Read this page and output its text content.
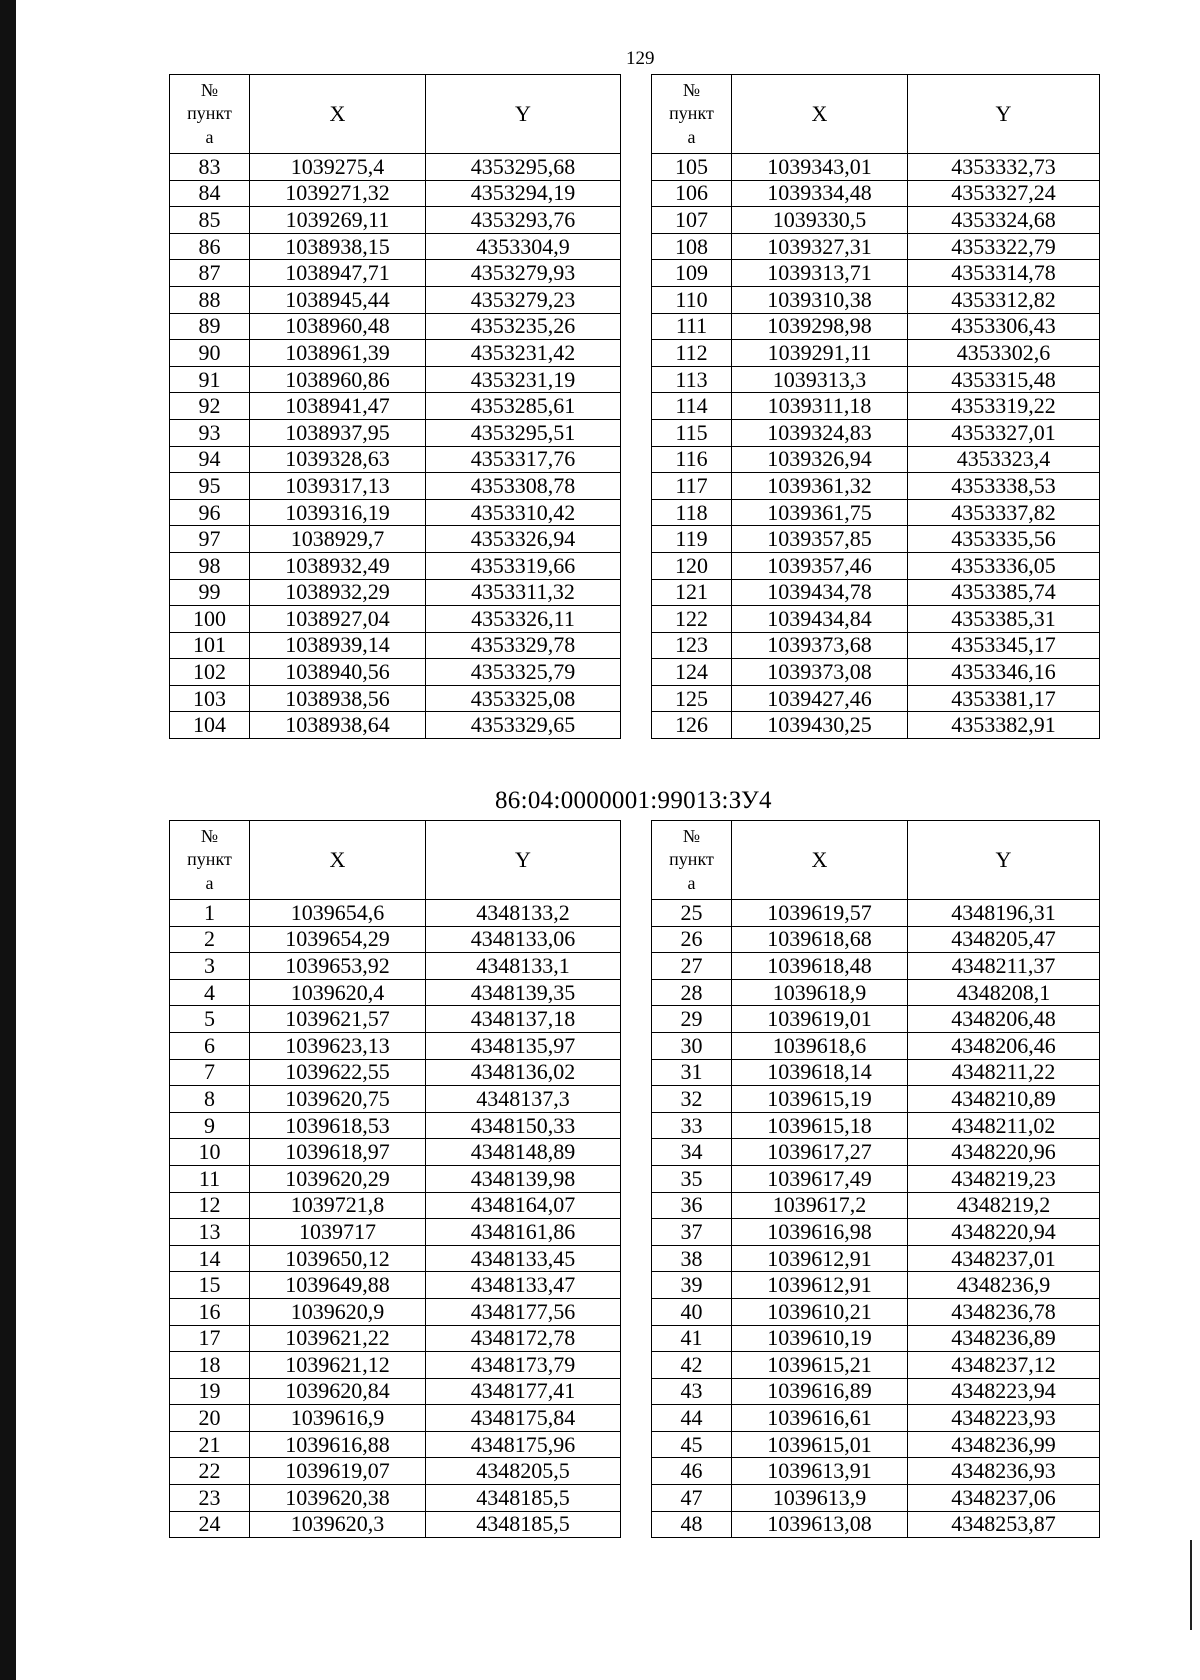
129
86:04:0000001:99013:ЗУ4
№
пункт
а	X	Y
83	1039275,4	4353295,68
84	1039271,32	4353294,19
85	1039269,11	4353293,76
86	1038938,15	4353304,9
87	1038947,71	4353279,93
88	1038945,44	4353279,23
89	1038960,48	4353235,26
90	1038961,39	4353231,42
91	1038960,86	4353231,19
92	1038941,47	4353285,61
93	1038937,95	4353295,51
94	1039328,63	4353317,76
95	1039317,13	4353308,78
96	1039316,19	4353310,42
97	1038929,7	4353326,94
98	1038932,49	4353319,66
99	1038932,29	4353311,32
100	1038927,04	4353326,11
101	1038939,14	4353329,78
102	1038940,56	4353325,79
103	1038938,56	4353325,08
104	1038938,64	4353329,65
№
пункт
а	X	Y
105	1039343,01	4353332,73
106	1039334,48	4353327,24
107	1039330,5	4353324,68
108	1039327,31	4353322,79
109	1039313,71	4353314,78
110	1039310,38	4353312,82
111	1039298,98	4353306,43
112	1039291,11	4353302,6
113	1039313,3	4353315,48
114	1039311,18	4353319,22
115	1039324,83	4353327,01
116	1039326,94	4353323,4
117	1039361,32	4353338,53
118	1039361,75	4353337,82
119	1039357,85	4353335,56
120	1039357,46	4353336,05
121	1039434,78	4353385,74
122	1039434,84	4353385,31
123	1039373,68	4353345,17
124	1039373,08	4353346,16
125	1039427,46	4353381,17
126	1039430,25	4353382,91
№
пункт
а	X	Y
1	1039654,6	4348133,2
2	1039654,29	4348133,06
3	1039653,92	4348133,1
4	1039620,4	4348139,35
5	1039621,57	4348137,18
6	1039623,13	4348135,97
7	1039622,55	4348136,02
8	1039620,75	4348137,3
9	1039618,53	4348150,33
10	1039618,97	4348148,89
11	1039620,29	4348139,98
12	1039721,8	4348164,07
13	1039717	4348161,86
14	1039650,12	4348133,45
15	1039649,88	4348133,47
16	1039620,9	4348177,56
17	1039621,22	4348172,78
18	1039621,12	4348173,79
19	1039620,84	4348177,41
20	1039616,9	4348175,84
21	1039616,88	4348175,96
22	1039619,07	4348205,5
23	1039620,38	4348185,5
24	1039620,3	4348185,5
№
пункт
а	X	Y
25	1039619,57	4348196,31
26	1039618,68	4348205,47
27	1039618,48	4348211,37
28	1039618,9	4348208,1
29	1039619,01	4348206,48
30	1039618,6	4348206,46
31	1039618,14	4348211,22
32	1039615,19	4348210,89
33	1039615,18	4348211,02
34	1039617,27	4348220,96
35	1039617,49	4348219,23
36	1039617,2	4348219,2
37	1039616,98	4348220,94
38	1039612,91	4348237,01
39	1039612,91	4348236,9
40	1039610,21	4348236,78
41	1039610,19	4348236,89
42	1039615,21	4348237,12
43	1039616,89	4348223,94
44	1039616,61	4348223,93
45	1039615,01	4348236,99
46	1039613,91	4348236,93
47	1039613,9	4348237,06
48	1039613,08	4348253,87
